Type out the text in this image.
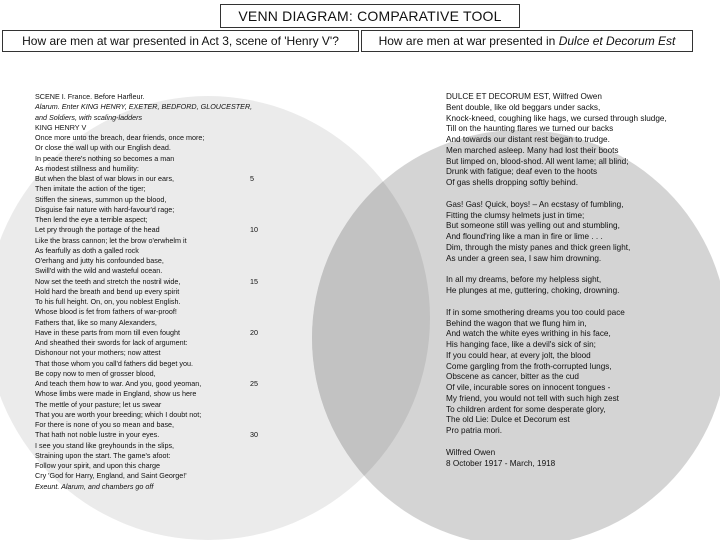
VENN DIAGRAM: COMPARATIVE TOOL
How are men at war presented in Act 3, scene of 'Henry V'?	How are men at war presented in Dulce et Decorum Est
SCENE I. France. Before Harfleur.
Alarum. Enter KING HENRY, EXETER, BEDFORD, GLOUCESTER,
and Soldiers, with scaling-ladders
KING HENRY V
Once more unto the breach, dear friends, once more;
Or close the wall up with our English dead.
In peace there's nothing so becomes a man
As modest stillness and humility:
But when the blast of war blows in our ears,
Then imitate the action of the tiger;
Stiffen the sinews, summon up the blood,
Disguise fair nature with hard-favour'd rage;
Then lend the eye a terrible aspect;
Let pry through the portage of the head
Like the brass cannon; let the brow o'erwhelm it
As fearfully as doth a galled rock
O'erhang and jutty his confounded base,
Swill'd with the wild and wasteful ocean.
Now set the teeth and stretch the nostril wide,
Hold hard the breath and bend up every spirit
To his full height. On, on, you noblest English.
Whose blood is fet from fathers of war-proof!
Fathers that, like so many Alexanders,
Have in these parts from morn till even fought
And sheathed their swords for lack of argument:
Dishonour not your mothers; now attest
That those whom you call'd fathers did beget you.
Be copy now to men of grosser blood,
And teach them how to war. And you, good yeoman,
Whose limbs were made in England, show us here
The mettle of your pasture; let us swear
That you are worth your breeding; which I doubt not;
For there is none of you so mean and base,
That hath not noble lustre in your eyes.
I see you stand like greyhounds in the slips,
Straining upon the start. The game's afoot:
Follow your spirit, and upon this charge
Cry 'God for Harry, England, and Saint George!'
Exeunt. Alarum, and chambers go off
5
10
15
20
25
30
DULCE ET DECORUM EST, Wilfred Owen
Bent double, like old beggars under sacks,
Knock-kneed, coughing like hags, we cursed through sludge,
Till on the haunting flares we turned our backs
And towards our distant rest began to trudge.
Men marched asleep. Many had lost their boots
But limped on, blood-shod. All went lame; all blind;
Drunk with fatigue; deaf even to the hoots
Of gas shells dropping softly behind.
Gas! Gas! Quick, boys! – An ecstasy of fumbling,
Fitting the clumsy helmets just in time;
But someone still was yelling out and stumbling,
And flound'ring like a man in fire or lime . . .
Dim, through the misty panes and thick green light,
As under a green sea, I saw him drowning.
In all my dreams, before my helpless sight,
He plunges at me, guttering, choking, drowning.
If in some smothering dreams you too could pace
Behind the wagon that we flung him in,
And watch the white eyes writhing in his face,
His hanging face, like a devil's sick of sin;
If you could hear, at every jolt, the blood
Come gargling from the froth-corrupted lungs,
Obscene as cancer, bitter as the cud
Of vile, incurable sores on innocent tongues -
My friend, you would not tell with such high zest
To children ardent for some desperate glory,
The old Lie: Dulce et Decorum est
Pro patria mori.
Wilfred Owen
8 October 1917 - March, 1918
